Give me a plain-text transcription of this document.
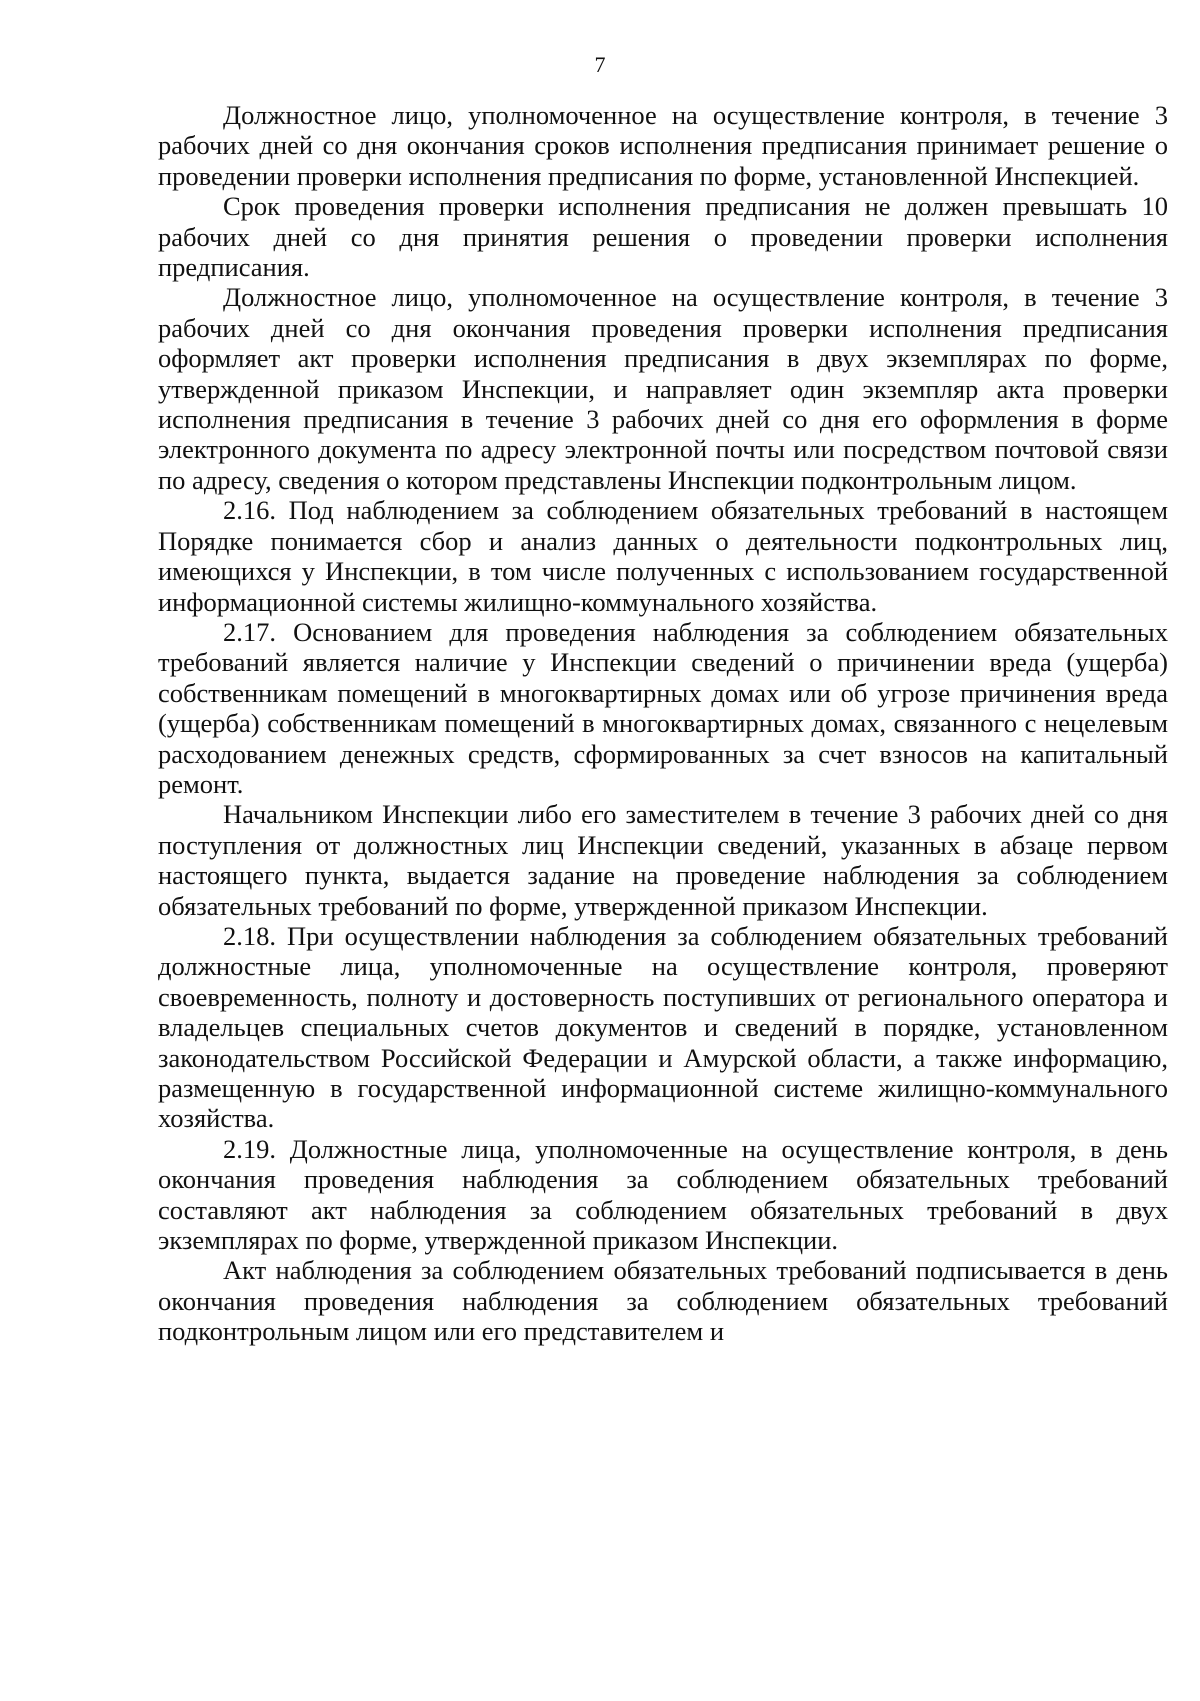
7

Должностное лицо, уполномоченное на осуществление контроля, в течение 3 рабочих дней со дня окончания сроков исполнения предписания принимает решение о проведении проверки исполнения предписания по форме, установленной Инспекцией.

Срок проведения проверки исполнения предписания не должен превышать 10 рабочих дней со дня принятия решения о проведении проверки исполнения предписания.

Должностное лицо, уполномоченное на осуществление контроля, в течение 3 рабочих дней со дня окончания проведения проверки исполнения предписания оформляет акт проверки исполнения предписания в двух экземплярах по форме, утвержденной приказом Инспекции, и направляет один экземпляр акта проверки исполнения предписания в течение 3 рабочих дней со дня его оформления в форме электронного документа по адресу электронной почты или посредством почтовой связи по адресу, сведения о котором представлены Инспекции подконтрольным лицом.

2.16. Под наблюдением за соблюдением обязательных требований в настоящем Порядке понимается сбор и анализ данных о деятельности подконтрольных лиц, имеющихся у Инспекции, в том числе полученных с использованием государственной информационной системы жилищно-коммунального хозяйства.

2.17. Основанием для проведения наблюдения за соблюдением обязательных требований является наличие у Инспекции сведений о причинении вреда (ущерба) собственникам помещений в многоквартирных домах или об угрозе причинения вреда (ущерба) собственникам помещений в многоквартирных домах, связанного с нецелевым расходованием денежных средств, сформированных за счет взносов на капитальный ремонт.

Начальником Инспекции либо его заместителем в течение 3 рабочих дней со дня поступления от должностных лиц Инспекции сведений, указанных в абзаце первом настоящего пункта, выдается задание на проведение наблюдения за соблюдением обязательных требований по форме, утвержденной приказом Инспекции.

2.18. При осуществлении наблюдения за соблюдением обязательных требований должностные лица, уполномоченные на осуществление контроля, проверяют своевременность, полноту и достоверность поступивших от регионального оператора и владельцев специальных счетов документов и сведений в порядке, установленном законодательством Российской Федерации и Амурской области, а также информацию, размещенную в государственной информационной системе жилищно-коммунального хозяйства.

2.19. Должностные лица, уполномоченные на осуществление контроля, в день окончания проведения наблюдения за соблюдением обязательных требований составляют акт наблюдения за соблюдением обязательных требований в двух экземплярах по форме, утвержденной приказом Инспекции.

Акт наблюдения за соблюдением обязательных требований подписывается в день окончания проведения наблюдения за соблюдением обязательных требований подконтрольным лицом или его представителем и
